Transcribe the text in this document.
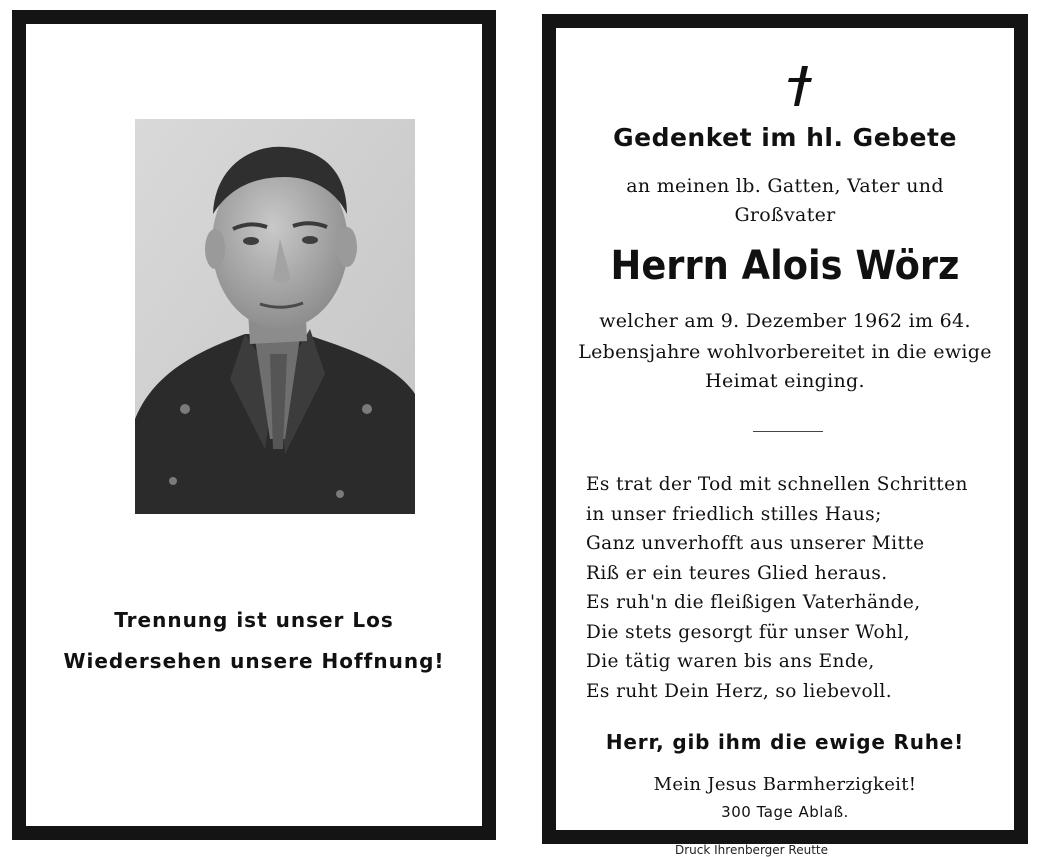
Trennung ist unser Los
Wiedersehen unsere Hoffnung!
Gedenket im hl. Gebete
an meinen lb. Gatten, Vater und
Großvater
Herrn Alois Wörz
welcher am 9. Dezember 1962 im 64.
Lebensjahre wohlvorbereitet in die ewige
Heimat einging.
Es trat der Tod mit schnellen Schritten
in unser friedlich stilles Haus;
Ganz unverhofft aus unserer Mitte
Riß er ein teures Glied heraus.
Es ruh'n die fleißigen Vaterhände,
Die stets gesorgt für unser Wohl,
Die tätig waren bis ans Ende,
Es ruht Dein Herz, so liebevoll.
Herr, gib ihm die ewige Ruhe!
Mein Jesus Barmherzigkeit!
300 Tage Ablaß.
Druck Ihrenberger Reutte
